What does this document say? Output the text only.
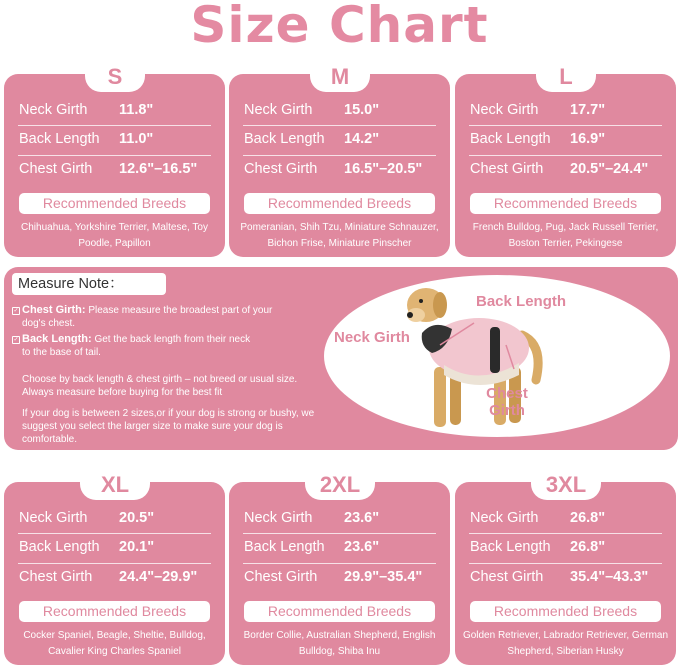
Size Chart
S
Neck Girth 11.8"
Back Length 11.0"
Chest Girth 12.6"–16.5"
Recommended Breeds
Chihuahua, Yorkshire Terrier, Maltese, Toy Poodle, Papillon
M
Neck Girth 15.0"
Back Length 14.2"
Chest Girth 16.5"–20.5"
Recommended Breeds
Pomeranian, Shih Tzu, Miniature Schnauzer, Bichon Frise, Miniature Pinscher
L
Neck Girth 17.7"
Back Length 16.9"
Chest Girth 20.5"–24.4"
Recommended Breeds
French Bulldog, Pug, Jack Russell Terrier, Boston Terrier, Pekingese
Measure Note：
✓ Chest Girth: Please measure the broadest part of your dog's chest.
✓ Back Length: Get the back length from their neck to the base of tail.
Choose by back length & chest girth – not breed or usual size. Always measure before buying for the best fit
If your dog is between 2 sizes,or if your dog is strong or bushy, we suggest you select the larger size to make sure your dog is comfortable.
Back Length
Neck Girth
Chest Girth
XL
Neck Girth 20.5"
Back Length 20.1"
Chest Girth 24.4"–29.9"
Recommended Breeds
Cocker Spaniel, Beagle, Sheltie, Bulldog, Cavalier King Charles Spaniel
2XL
Neck Girth 23.6"
Back Length 23.6"
Chest Girth 29.9"–35.4"
Recommended Breeds
Border Collie, Australian Shepherd, English Bulldog, Shiba Inu
3XL
Neck Girth 26.8"
Back Length 26.8"
Chest Girth 35.4"–43.3"
Recommended Breeds
Golden Retriever, Labrador Retriever, German Shepherd, Siberian Husky
